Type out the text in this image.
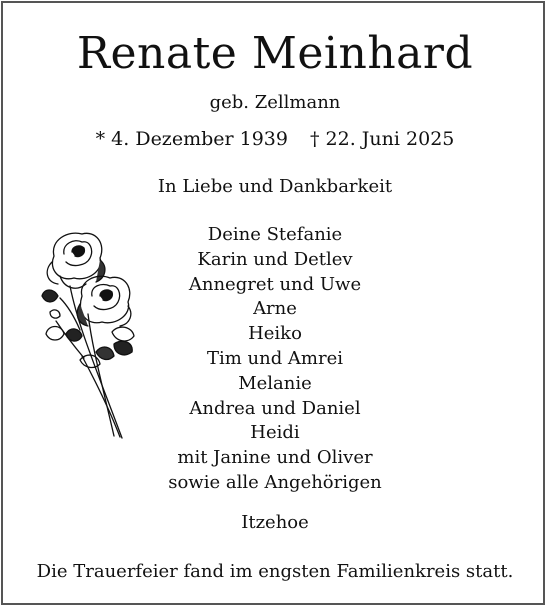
Renate Meinhard
geb. Zellmann
* 4. Dezember 1939 † 22. Juni 2025
In Liebe und Dankbarkeit
Deine Stefanie
Karin und Detlev
Annegret und Uwe
Arne
Heiko
Tim und Amrei
Melanie
Andrea und Daniel
Heidi
mit Janine und Oliver
sowie alle Angehörigen
Itzehoe
Die Trauerfeier fand im engsten Familienkreis statt.
